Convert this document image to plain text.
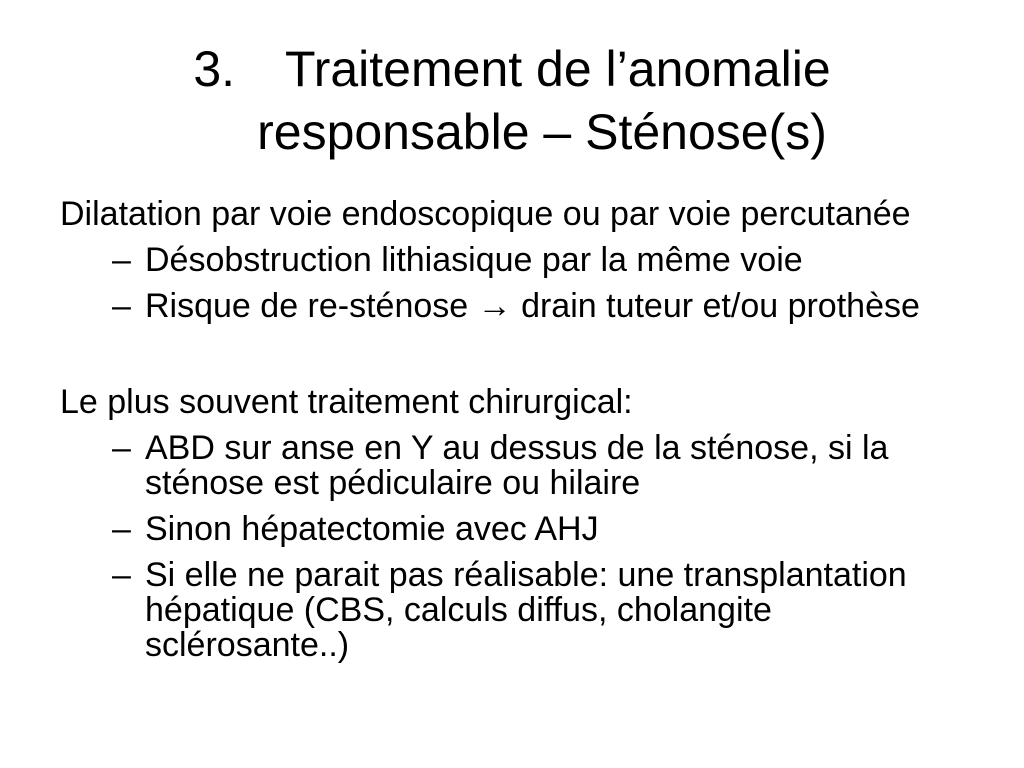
3. Traitement de l’anomalie
responsable – Sténose(s)

Dilatation par voie endoscopique ou par voie percutanée

– Désobstruction lithiasique par la même voie

– Risque de re-sténose → drain tuteur et/ou prothèse

Le plus souvent traitement chirurgical:

– ABD sur anse en Y au dessus de la sténose, si la sténose est pédiculaire ou hilaire

– Sinon hépatectomie avec AHJ

– Si elle ne parait pas réalisable: une transplantation hépatique (CBS, calculs diffus, cholangite sclérosante..)
